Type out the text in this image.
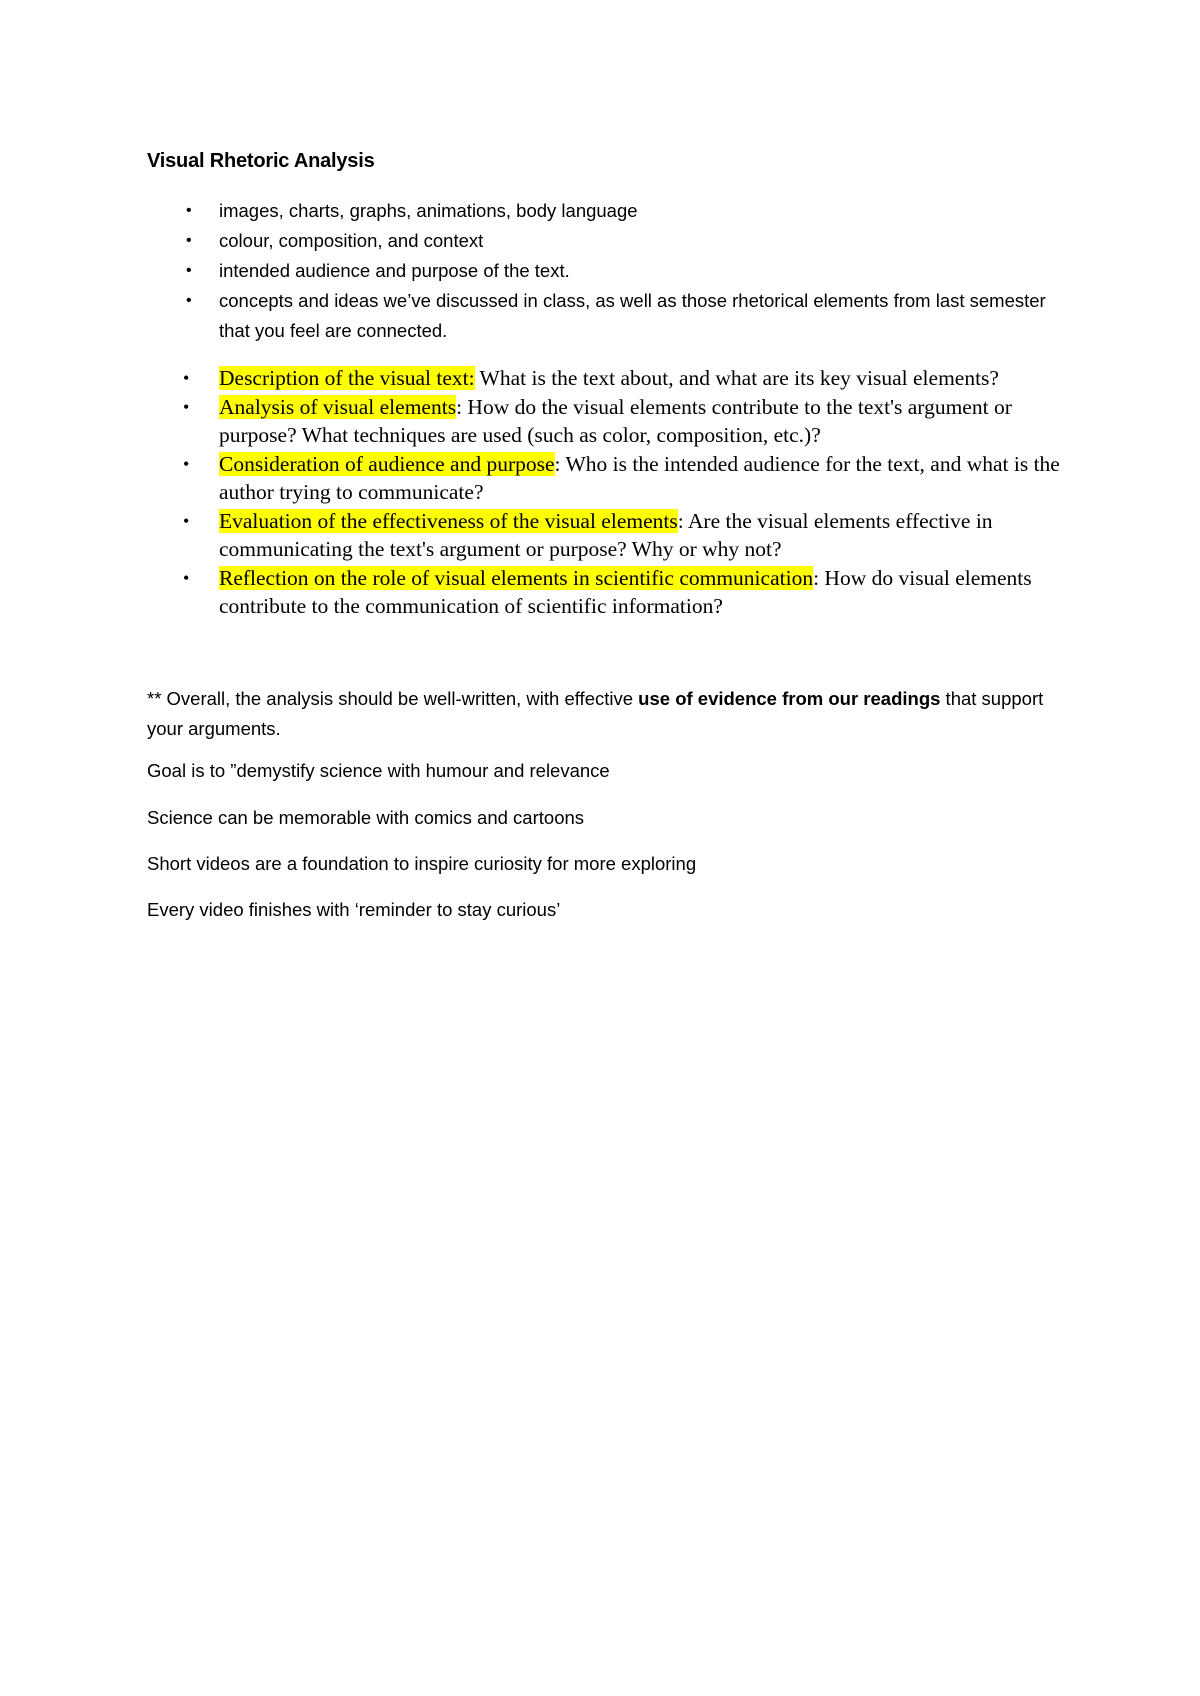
Visual Rhetoric Analysis
• images, charts, graphs, animations, body language
• colour, composition, and context
• intended audience and purpose of the text.
• concepts and ideas we’ve discussed in class, as well as those rhetorical elements from last semester that you feel are connected.
• Description of the visual text: What is the text about, and what are its key visual elements?
• Analysis of visual elements: How do the visual elements contribute to the text's argument or purpose? What techniques are used (such as color, composition, etc.)?
• Consideration of audience and purpose: Who is the intended audience for the text, and what is the author trying to communicate?
• Evaluation of the effectiveness of the visual elements: Are the visual elements effective in communicating the text's argument or purpose? Why or why not?
• Reflection on the role of visual elements in scientific communication: How do visual elements contribute to the communication of scientific information?
** Overall, the analysis should be well-written, with effective use of evidence from our readings that support your arguments.
Goal is to ”demystify science with humour and relevance
Science can be memorable with comics and cartoons
Short videos are a foundation to inspire curiosity for more exploring
Every video finishes with ‘reminder to stay curious’
